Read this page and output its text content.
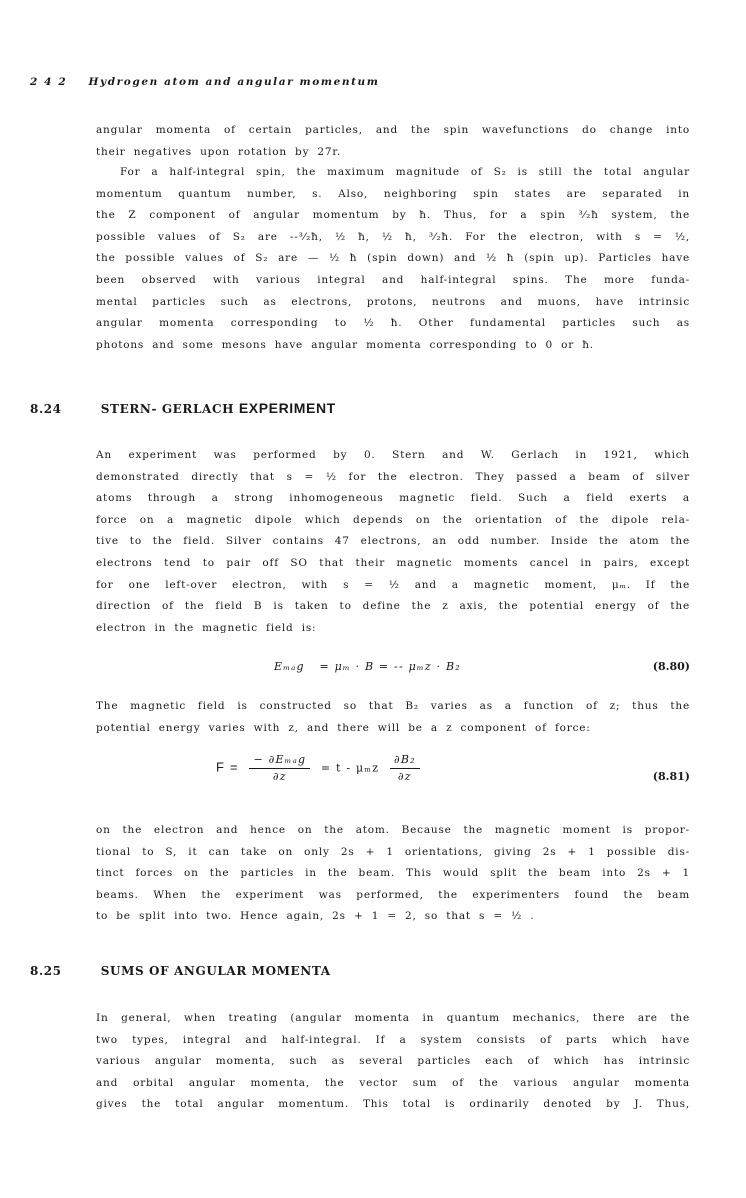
2 4 2 Hydrogen atom and angular momentum
angular momenta of certain particles, and the spin wavefunctions do change into
their negatives upon rotation by 27r.
For a half-integral spin, the maximum magnitude of S₂ is still the total angular
momentum quantum number, s. Also, neighboring spin states are separated in
the Z component of angular momentum by ħ. Thus, for a spin ³⁄₂ħ system, the
possible values of S₂ are --³⁄₂ħ, ½ ħ, ½ ħ, ³⁄₂ħ. For the electron, with s = ½,
the possible values of S₂ are — ½ ħ (spin down) and ½ ħ (spin up). Particles have
been observed with various integral and half-integral spins. The more funda-
mental particles such as electrons, protons, neutrons and muons, have intrinsic
angular momenta corresponding to ½ ħ. Other fundamental particles such as
photons and some mesons have angular momenta corresponding to 0 or ħ.
8.24	STERN- GERLACH EXPERIMENT
An experiment was performed by 0. Stern and W. Gerlach in 1921, which
demonstrated directly that s = ½ for the electron. They passed a beam of silver
atoms through a strong inhomogeneous magnetic field. Such a field exerts a
force on a magnetic dipole which depends on the orientation of the dipole rela-
tive to the field. Silver contains 47 electrons, an odd number. Inside the atom the
electrons tend to pair off SO that their magnetic moments cancel in pairs, except
for one left-over electron, with s = ½ and a magnetic moment, μₘ. If the
direction of the field B is taken to define the z axis, the potential energy of the
electron in the magnetic field is:
Eₘₐg = μₘ · B = -- μₘz · B₂	(8.80)
The magnetic field is constructed so that B₂ varies as a function of z; thus the
potential energy varies with z, and there will be a z component of force:
$F = \frac{\text{− ∂Eₘₐg}}{\partial z} = t - \mu_mz \frac{\text{∂B₂}}{\partial z}$	(8.81)
on the electron and hence on the atom. Because the magnetic moment is propor-
tional to S, it can take on only 2s + 1 orientations, giving 2s + 1 possible dis-
tinct forces on the particles in the beam. This would split the beam into 2s + 1
beams. When the experiment was performed, the experimenters found the beam
to be split into two. Hence again, 2s + 1 = 2, so that s = ½ .
8.25	SUMS OF ANGULAR MOMENTA
In general, when treating (angular momenta in quantum mechanics, there are the
two types, integral and half-integral. If a system consists of parts which have
various angular momenta, such as several particles each of which has intrinsic
and orbital angular momenta, the vector sum of the various angular momenta
gives the total angular momentum. This total is ordinarily denoted by J. Thus,
